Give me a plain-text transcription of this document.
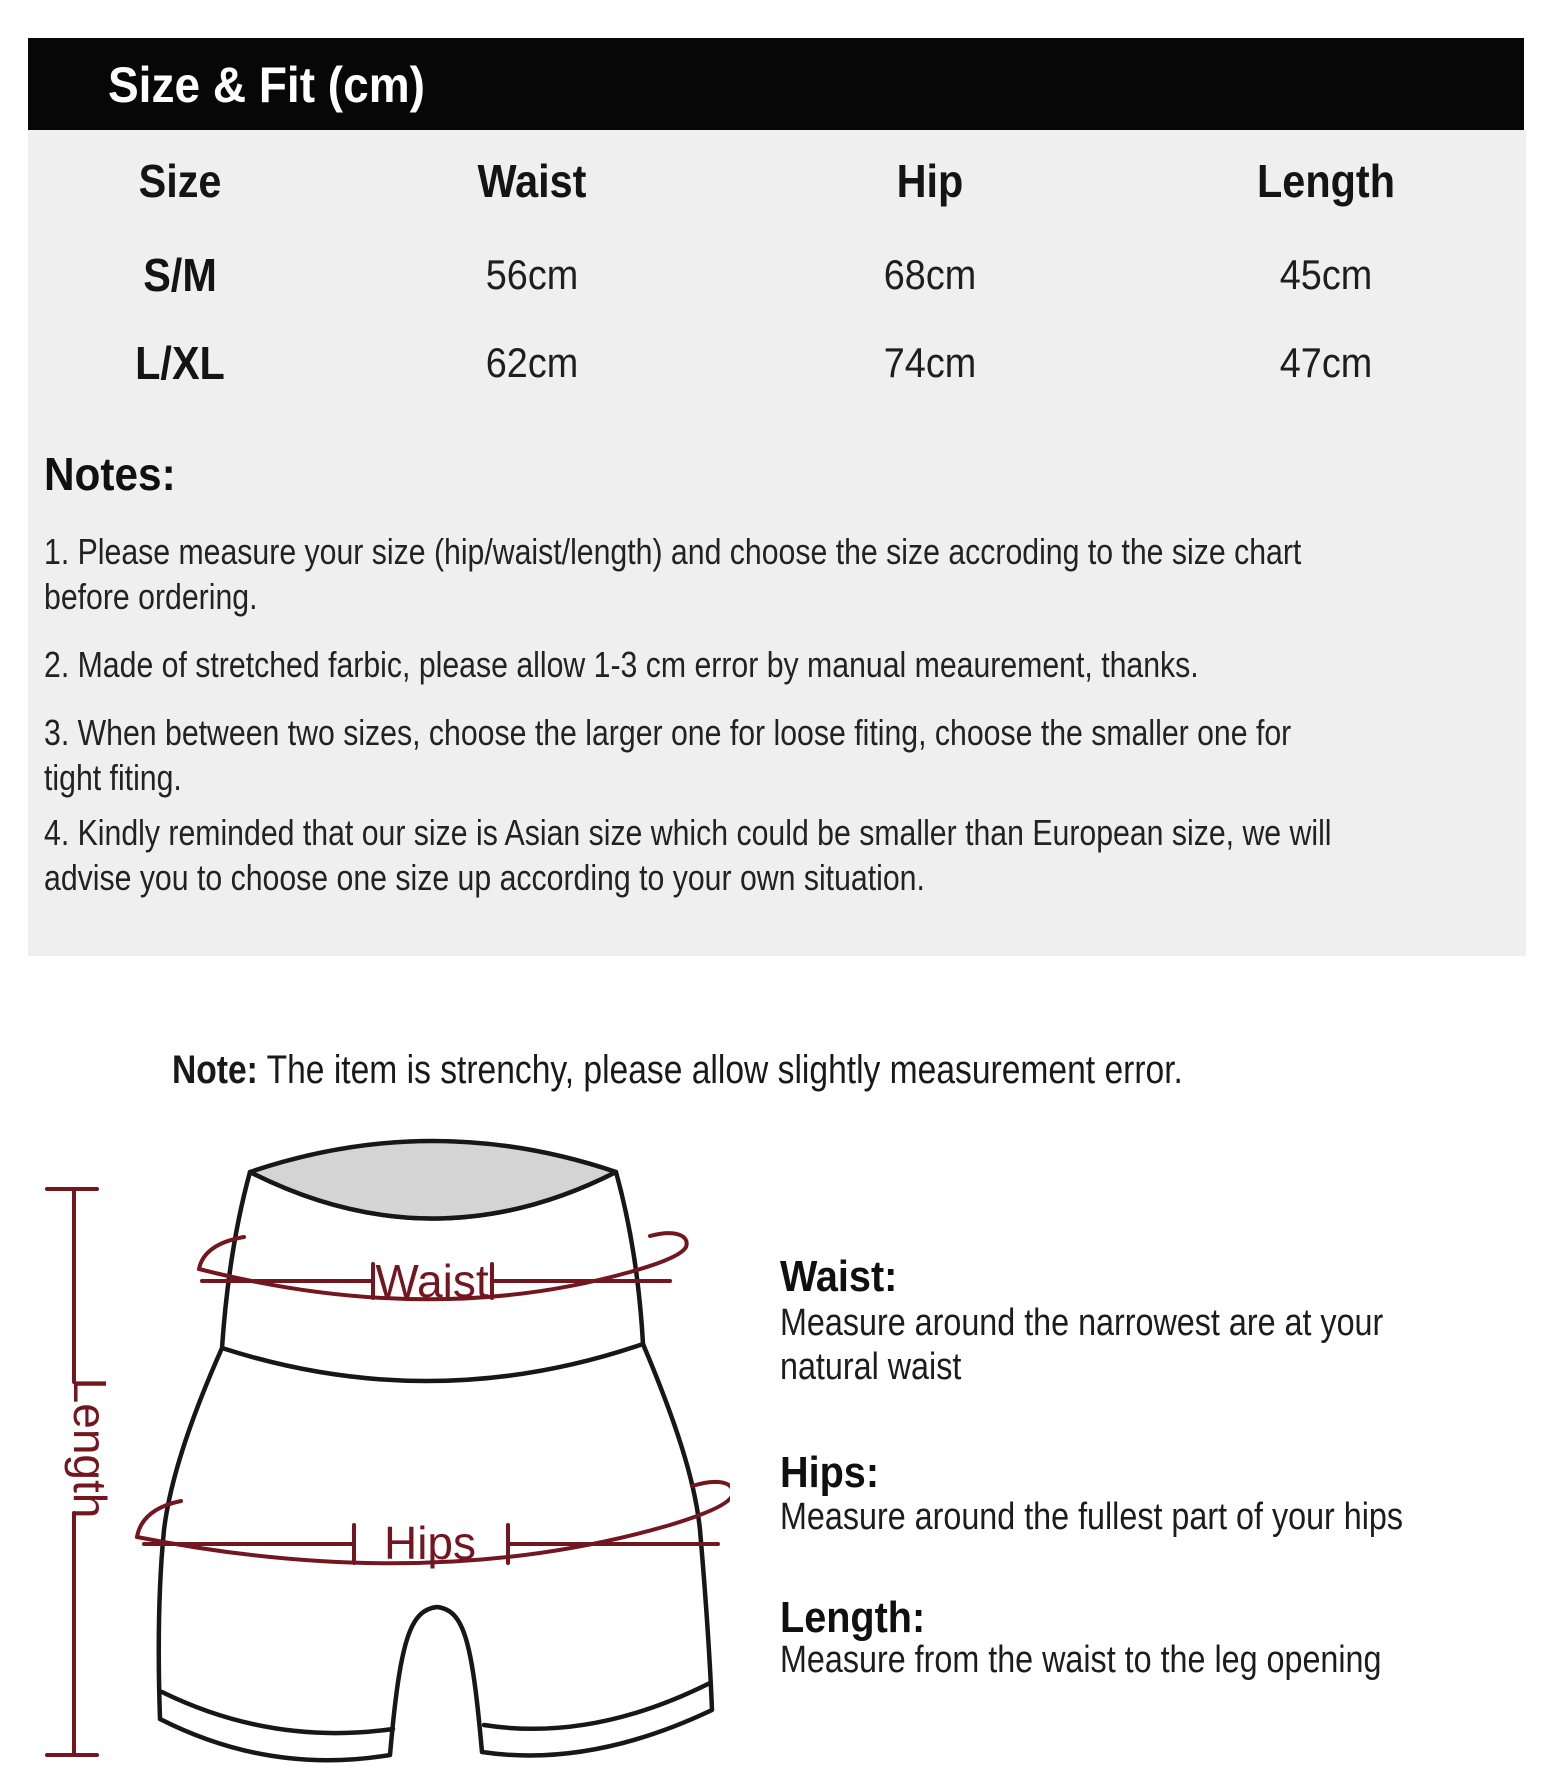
Size & Fit (cm)
Size	Waist	Hip	Length
S/M	56cm	68cm	45cm
L/XL	62cm	74cm	47cm
Notes:
1. Please measure your size (hip/waist/length) and choose the size accroding to the size chart
before ordering.
2. Made of stretched farbic, please allow 1-3 cm error by manual meaurement, thanks.
3. When between two sizes, choose the larger one for loose fiting, choose the smaller one for
tight fiting.
4. Kindly reminded that our size is Asian size which could be smaller than European size, we will
advise you to choose one size up according to your own situation.
Note: The item is strenchy, please allow slightly measurement error.
Waist
Hips
Length
Waist:
Measure around the narrowest are at your
natural waist
Hips:
Measure around the fullest part of your hips
Length:
Measure from the waist to the leg opening
